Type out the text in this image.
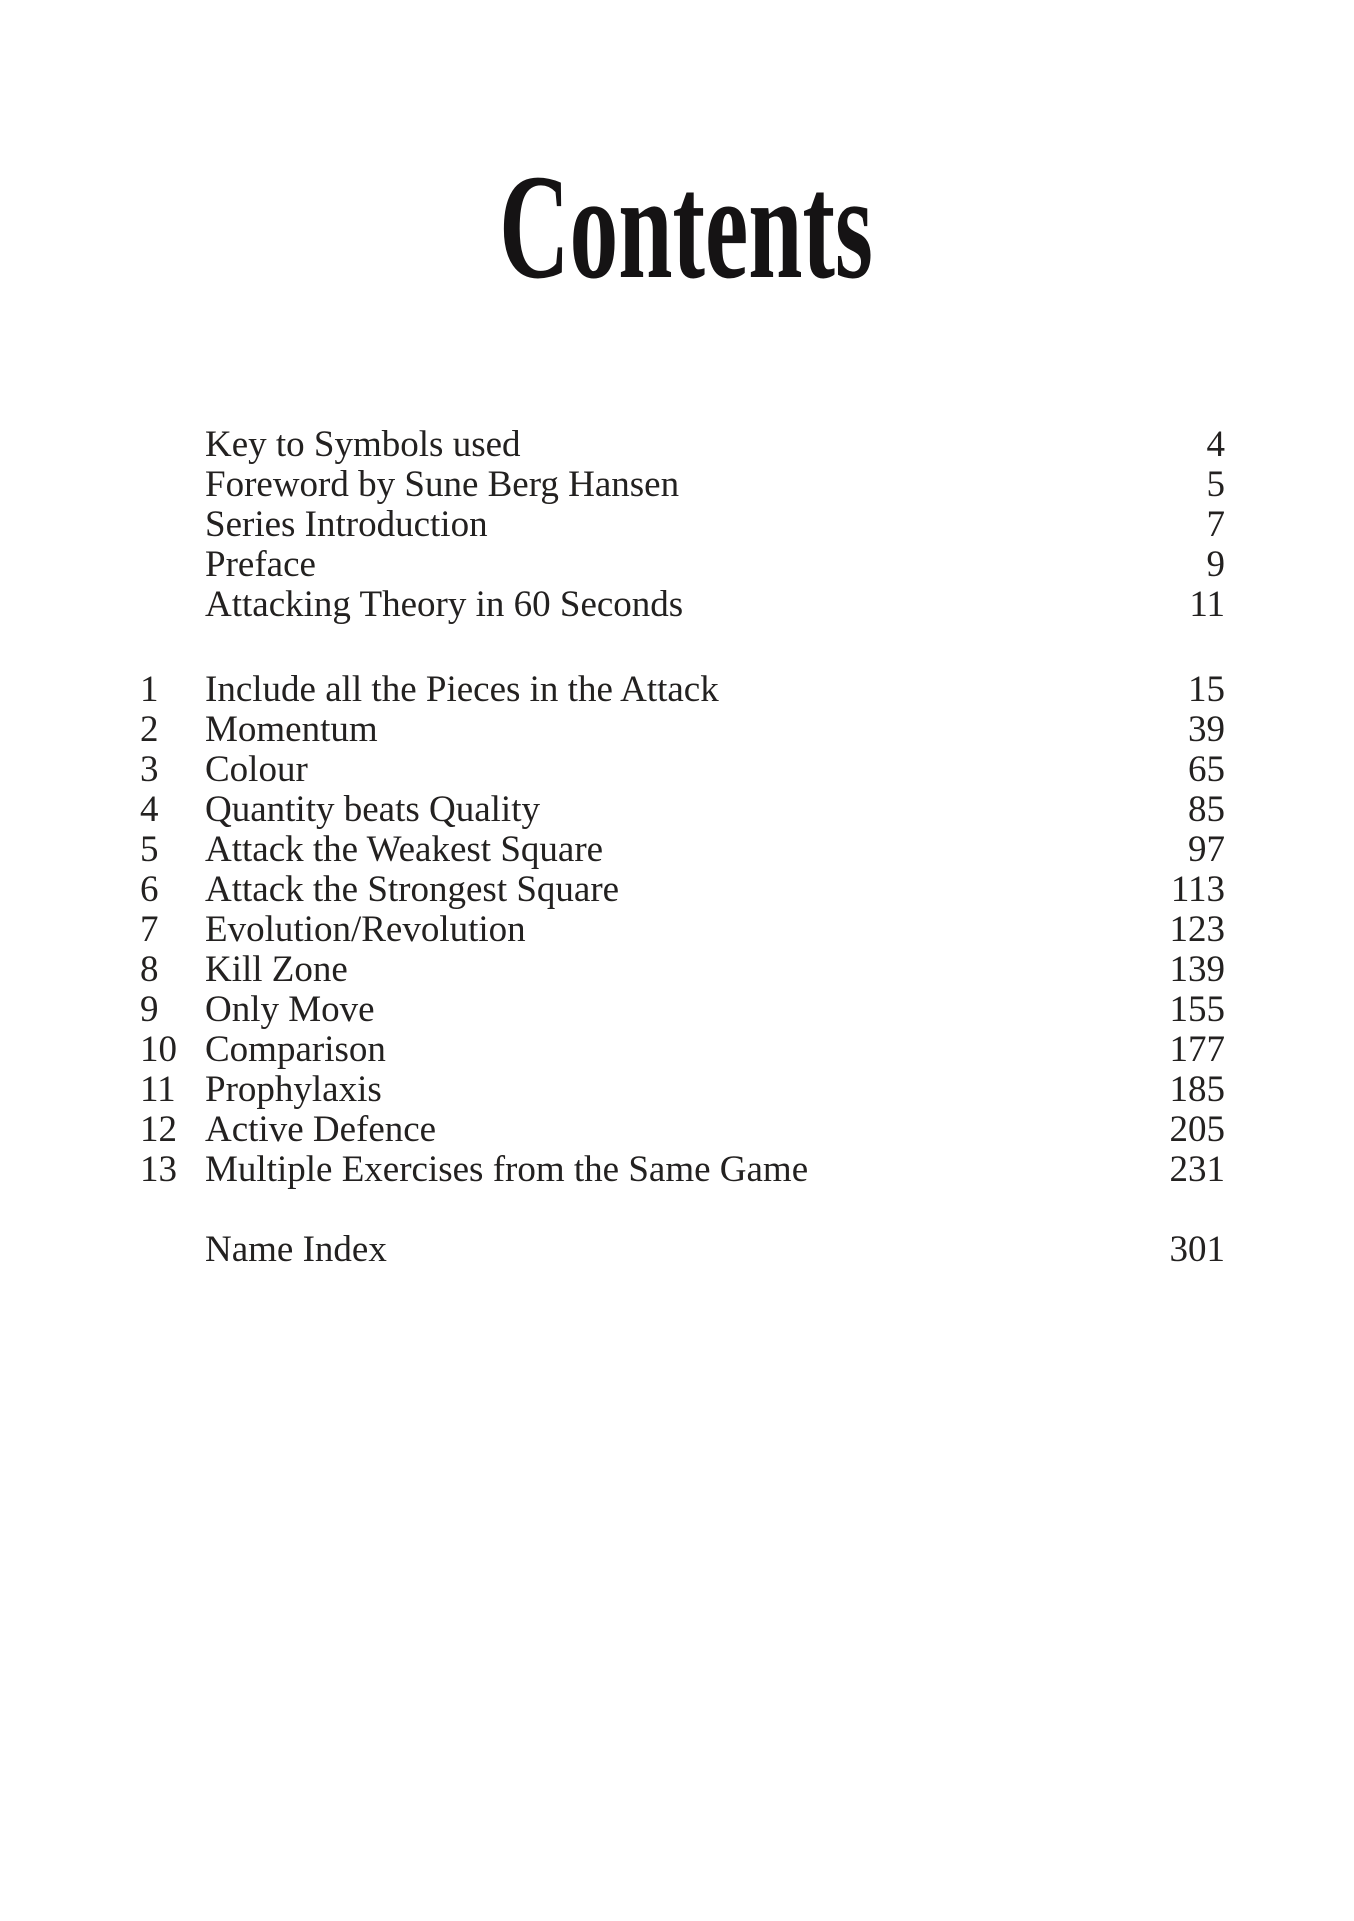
Contents
Key to Symbols used	4
Foreword by Sune Berg Hansen	5
Series Introduction	7
Preface	9
Attacking Theory in 60 Seconds	11
1	Include all the Pieces in the Attack	15
2	Momentum	39
3	Colour	65
4	Quantity beats Quality	85
5	Attack the Weakest Square	97
6	Attack the Strongest Square	113
7	Evolution/Revolution	123
8	Kill Zone	139
9	Only Move	155
10 Comparison	177
11 Prophylaxis	185
12 Active Defence	205
13 Multiple Exercises from the Same Game	231
Name Index	301
